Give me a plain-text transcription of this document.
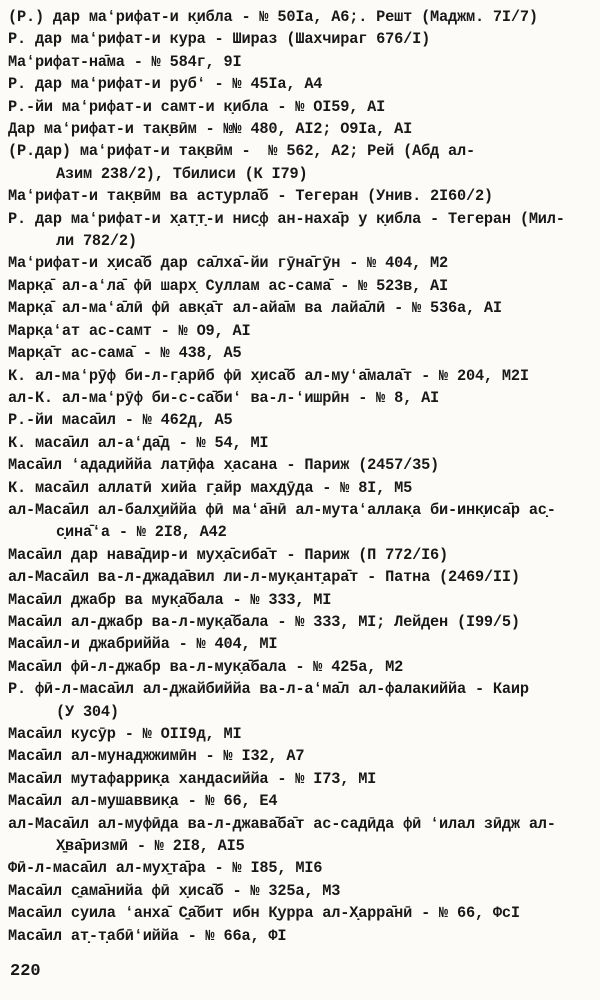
(Р.) дар маʻрифат-и к̣ибла - № 50Iа, А6;. Решт (Маджм. 7I/7)
Р. дар маʻрифат-и кура - Шираз (Шахчираг 676/I)
Маʻрифат-на̄ма - № 584г, 9I
Р. дар маʻрифат-и рубʻ - № 45Iа, А4
Р.-йи маʻрифат-и самт-и к̣ибла - № ОI59, АI
Дар маʻрифат-и так̣вӣм - №№ 480, АI2; О9Iа, АI
(Р.дар) маʻрифат-и так̣вӣм -  № 562, А2; Рей (Абд ал-
Азим 238/2), Тбилиси (К I79)
Маʻрифат-и так̣вӣм ва аст̣урла̄б - Тегеран (Унив. 2I60/2)
Р. дар маʻрифат-и х̣ат̣т̣-и нис̣ф ан-наха̄р у к̣ибла - Тегеран (Мил-
ли 782/2)
Маʻрифат-и х̣иса̄б дар са̄лха̄-йи гӯна̄гӯн - № 404, М2
Марк̣а̄ ал-аʻла̄ фӣ шарх̣ Суллам ас-сама̄ - № 523в, АI
Марк̣а̄ ал-маʻа̄лӣ фӣ авк̣а̄т ал-айа̄м ва лайа̄лӣ - № 536а, АI
Марк̣аʻат ас-самт - № О9, АI
Марк̣а̄т ас-сама̄ - № 438, А5
К. ал-маʻрӯф би-л-г̣арӣб фӣ х̣иса̄б ал-муʻа̄мала̄т - № 204, М2I
ал-К. ал-маʻрӯф би-с-са̄биʻ ва-л-ʻишрӣн - № 8, АI
Р.-йи маса̄ил - № 462д, А5
К. маса̄ил ал-аʻда̄д - № 54, МI
Маса̄ил ʻададиййа лат̣ӣфа х̣асана - Париж (2457/35)
К. маса̄ил аллатӣ хийа г̣айр мах̣дӯда - № 8I, М5
ал-Маса̄ил ал-балх̱иййа фӣ маʻа̄нӣ ал-мутаʻаллак̣а би-инк̣иса̄р ас̣-
с̣ина̄ʻа - № 2I8, А42
Маса̄ил дар нава̄дир-и мух̣а̄сиба̄т - Париж (П 772/I6)
ал-Маса̄ил ва-л-джада̄вил ли-л-мук̣ант̣ара̄т - Патна (2469/II)
Маса̄ил джабр ва мук̣а̄бала - № 333, МI
Маса̄ил ал-джабр ва-л-мук̣а̄бала - № 333, МI; Лейден (I99/5)
Маса̄ил-и джабриййа - № 404, МI
Маса̄ил фӣ-л-джабр ва-л-мук̣а̄бала - № 425а, М2
Р. фӣ-л-маса̄ил ал-джайбиййа ва-л-аʻма̄л ал-фалакиййа - Каир
(У 304)
Маса̄ил кусӯр - № ОII9д, МI
Маса̄ил ал-мунаджжимӣн - № I32, А7
Маса̄ил мутафаррик̣а хандасиййа - № I73, МI
Маса̄ил ал-мушаввик̣а - № 66, Е4
ал-Маса̄ил ал-муфӣда ва-л-джава̄ба̄т ас-садӣда фӣ ʻилал зӣдж ал-
Х̱ва̄ризмӣ - № 2I8, АI5
Фӣ-л-маса̄ил ал-мух̱та̄ра - № I85, МI6
Маса̄ил с̱ама̄нийа фӣ х̣иса̄б - № 325а, М3
Маса̄ил суила ʻанха̄ С̱а̄бит ибн К̣урра ал-Х̣арра̄нӣ - № 66, ФсI
Маса̄ил ат̣-т̣абӣʻиййа - № 66а, ФI
220
